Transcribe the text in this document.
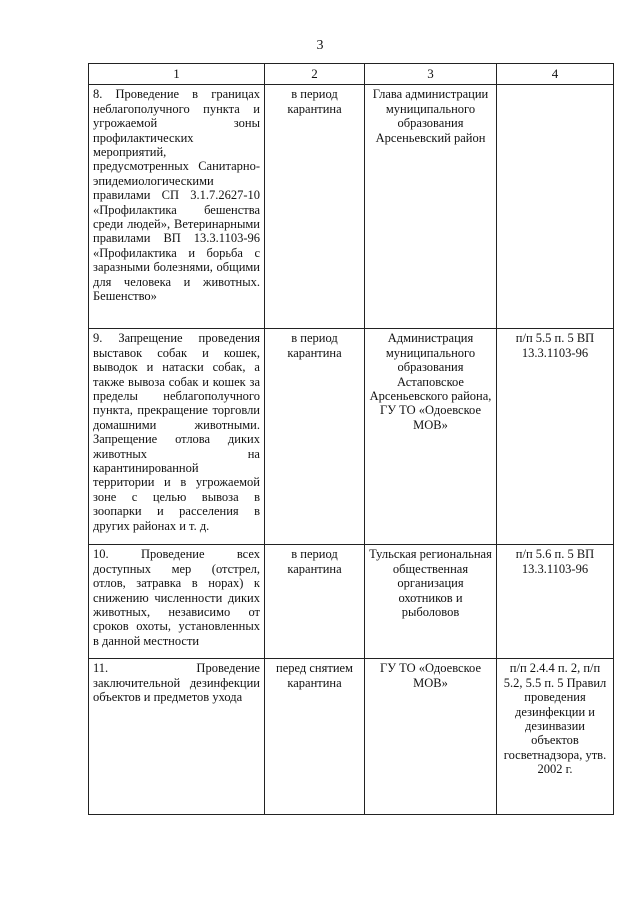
3
1	2	3	4
8. Проведение в границах неблагополучного пункта и угрожаемой зоны профилактических мероприятий, предусмотренных Санитарно-эпидемиологическими правилами СП 3.1.7.2627-10 «Профилактика бешенства среди людей», Ветеринарными правилами ВП 13.3.1103-96 «Профилактика и борьба с заразными болезнями, общими для человека и животных. Бешенство»	в период карантина	Глава администрации муниципального образования Арсеньевский район	
9. Запрещение проведения выставок собак и кошек, выводок и натаски собак, а также вывоза собак и кошек за пределы неблагополучного пункта, прекращение торговли домашними животными. Запрещение отлова диких животных на карантинированной территории и в угрожаемой зоне с целью вывоза в зоопарки и расселения в других районах и т. д.	в период карантина	Администрация муниципального образования Астаповское Арсеньевского района, ГУ ТО «Одоевское МОВ»	п/п 5.5 п. 5 ВП 13.3.1103-96
10. Проведение всех доступных мер (отстрел, отлов, затравка в норах) к снижению численности диких животных, независимо от сроков охоты, установленных в данной местности	в период карантина	Тульская региональная общественная организация охотников и рыболовов	п/п 5.6 п. 5 ВП 13.3.1103-96
11. Проведение заключительной дезинфекции объектов и предметов ухода	перед снятием карантина	ГУ ТО «Одоевское МОВ»	п/п 2.4.4 п. 2, п/п 5.2, 5.5 п. 5 Правил проведения дезинфекции и дезинвазии объектов госветнадзора, утв. 2002 г.
